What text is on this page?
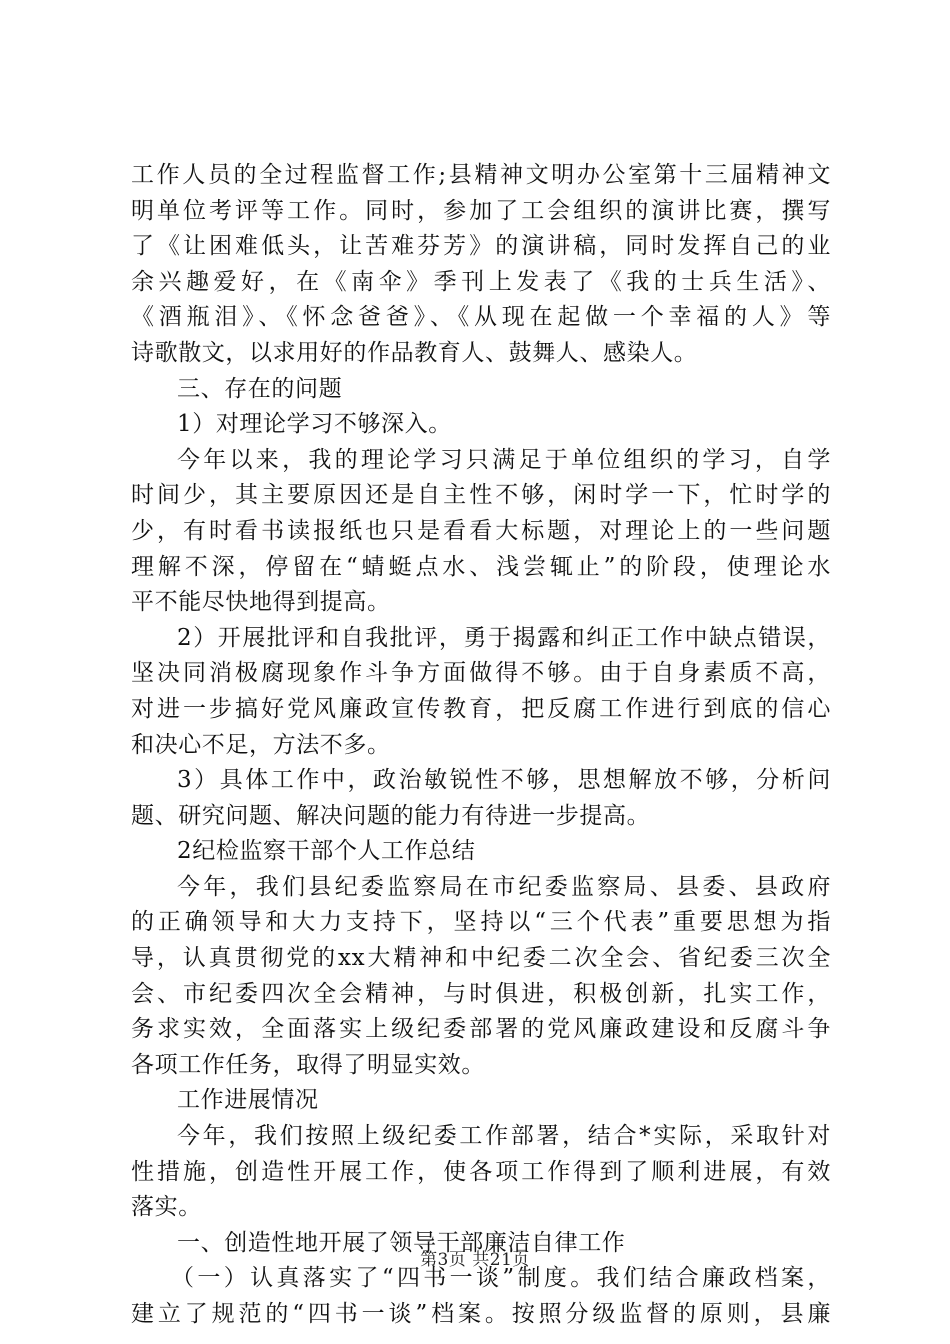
工作人员的全过程监督工作;县精神文明办公室第十三届精神文
明单位考评等工作。同时，参加了工会组织的演讲比赛，撰写
了《让困难低头，让苦难芬芳》的演讲稿，同时发挥自己的业
余兴趣爱好，在《南伞》季刊上发表了《我的士兵生活》、
《酒瓶泪》、《怀念爸爸》、《从现在起做一个幸福的人》等
诗歌散文，以求用好的作品教育人、鼓舞人、感染人。
三、存在的问题
1）对理论学习不够深入。
今年以来，我的理论学习只满足于单位组织的学习，自学
时间少，其主要原因还是自主性不够，闲时学一下，忙时学的
少，有时看书读报纸也只是看看大标题，对理论上的一些问题
理解不深，停留在“蜻蜓点水、浅尝辄止”的阶段，使理论水
平不能尽快地得到提高。
2）开展批评和自我批评，勇于揭露和纠正工作中缺点错误，
坚决同消极腐现象作斗争方面做得不够。由于自身素质不高，
对进一步搞好党风廉政宣传教育，把反腐工作进行到底的信心
和决心不足，方法不多。
3）具体工作中，政治敏锐性不够，思想解放不够，分析问
题、研究问题、解决问题的能力有待进一步提高。
2纪检监察干部个人工作总结
今年，我们县纪委监察局在市纪委监察局、县委、县政府
的正确领导和大力支持下，坚持以“三个代表”重要思想为指
导，认真贯彻党的xx大精神和中纪委二次全会、省纪委三次全
会、市纪委四次全会精神，与时俱进，积极创新，扎实工作，
务求实效，全面落实上级纪委部署的党风廉政建设和反腐斗争
各项工作任务，取得了明显实效。
工作进展情况
今年，我们按照上级纪委工作部署，结合*实际，采取针对
性措施，创造性开展工作，使各项工作得到了顺利进展，有效
落实。
一、创造性地开展了领导干部廉洁自律工作
（一）认真落实了“四书一谈”制度。我们结合廉政档案，
建立了规范的“四书一谈”档案。按照分级监督的原则，县廉
第3页 共21页
